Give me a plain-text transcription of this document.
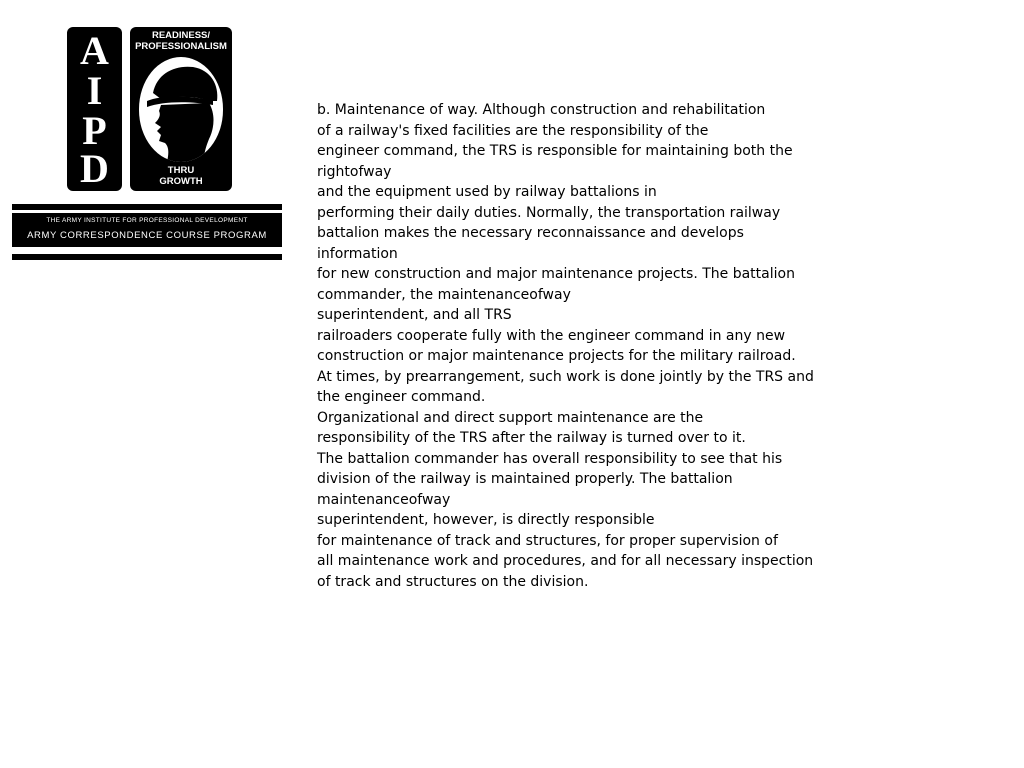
A
I
P
D
READINESS/
PROFESSIONALISM
THRU
GROWTH
THE ARMY INSTITUTE FOR PROFESSIONAL DEVELOPMENT
ARMY CORRESPONDENCE COURSE PROGRAM
b. Maintenance of way. Although construction and rehabilitation
of a railway's fixed facilities are the responsibility of the
engineer command, the TRS is responsible for maintaining both the
rightofway
and the equipment used by railway battalions in
performing their daily duties. Normally, the transportation railway
battalion makes the necessary reconnaissance and develops
information
for new construction and major maintenance projects. The battalion
commander, the maintenanceofway
superintendent, and all TRS
railroaders cooperate fully with the engineer command in any new
construction or major maintenance projects for the military railroad.
At times, by prearrangement, such work is done jointly by the TRS and
the engineer command.
Organizational and direct support maintenance are the
responsibility of the TRS after the railway is turned over to it.
The battalion commander has overall responsibility to see that his
division of the railway is maintained properly. The battalion
maintenanceofway
superintendent, however, is directly responsible
for maintenance of track and structures, for proper supervision of
all maintenance work and procedures, and for all necessary inspection
of track and structures on the division.
